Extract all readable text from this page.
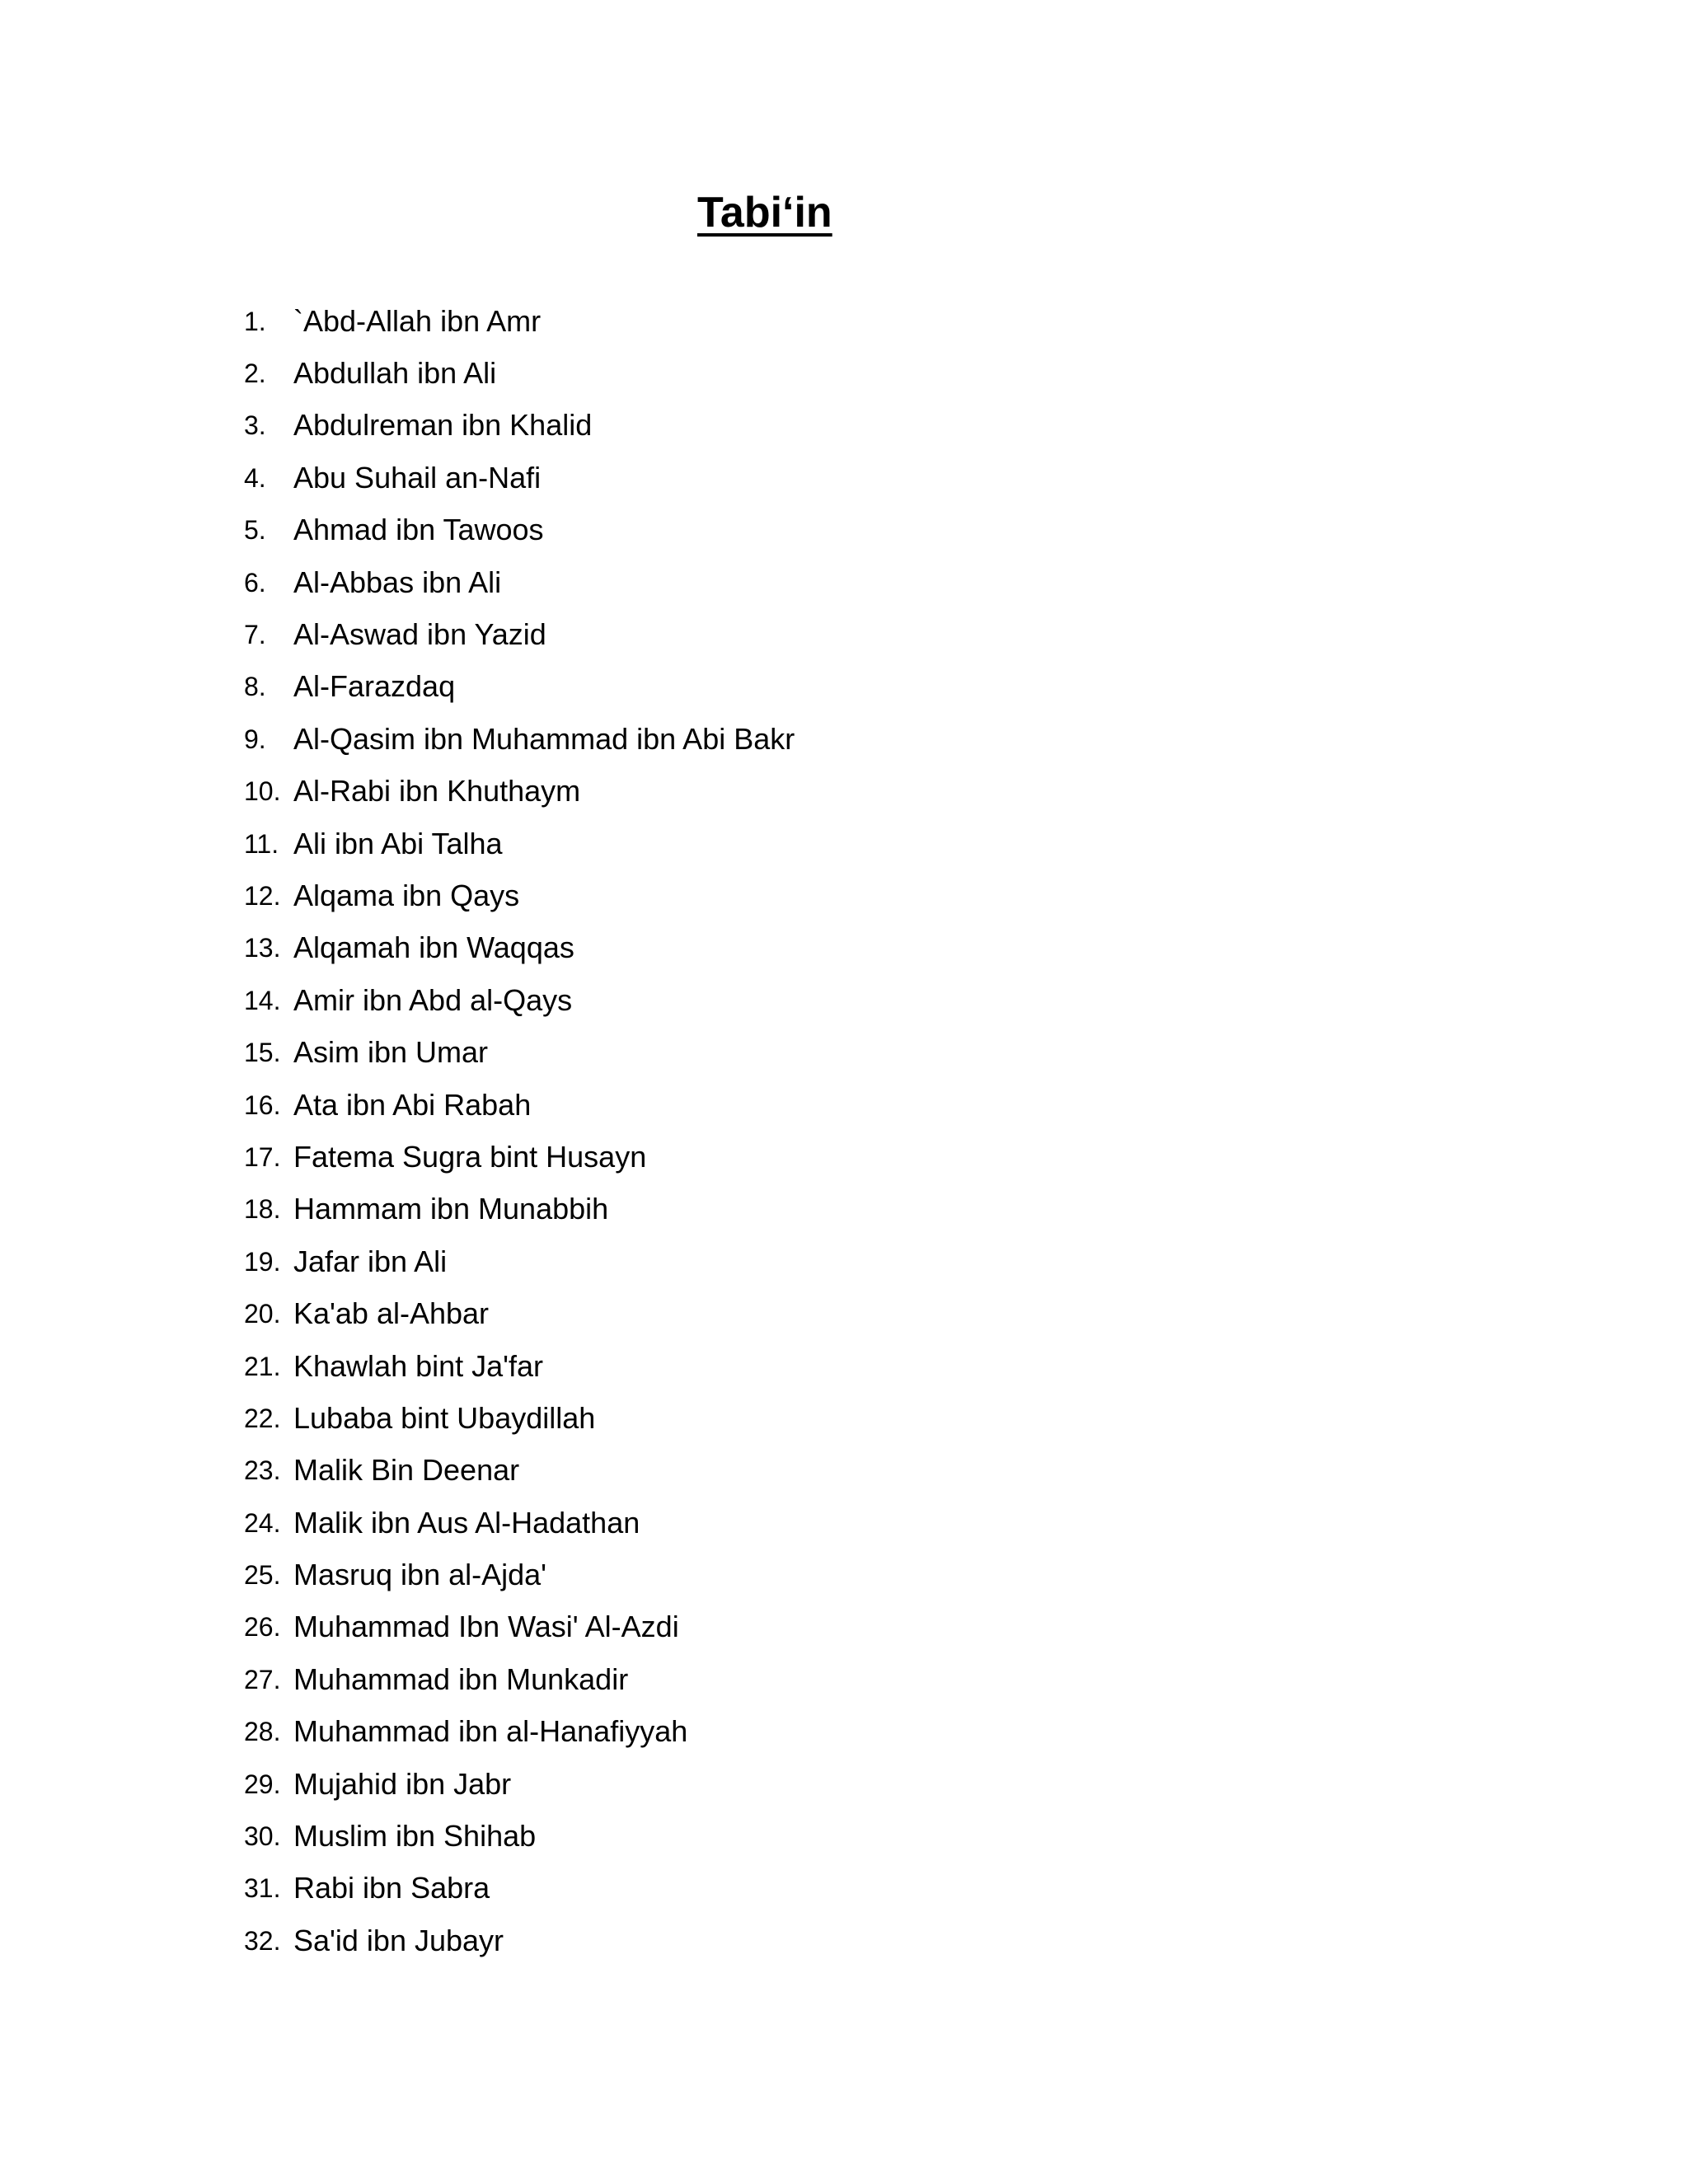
Tabi‘in
1. `Abd-Allah ibn Amr
2. Abdullah ibn Ali
3. Abdulreman ibn Khalid
4. Abu Suhail an-Nafi
5. Ahmad ibn Tawoos
6. Al-Abbas ibn Ali
7. Al-Aswad ibn Yazid
8. Al-Farazdaq
9. Al-Qasim ibn Muhammad ibn Abi Bakr
10. Al-Rabi ibn Khuthaym
11. Ali ibn Abi Talha
12. Alqama ibn Qays
13. Alqamah ibn Waqqas
14. Amir ibn Abd al-Qays
15. Asim ibn Umar
16. Ata ibn Abi Rabah
17. Fatema Sugra bint Husayn
18. Hammam ibn Munabbih
19. Jafar ibn Ali
20. Ka'ab al-Ahbar
21. Khawlah bint Ja'far
22. Lubaba bint Ubaydillah
23. Malik Bin Deenar
24. Malik ibn Aus Al-Hadathan
25. Masruq ibn al-Ajda'
26. Muhammad Ibn Wasi' Al-Azdi
27. Muhammad ibn Munkadir
28. Muhammad ibn al-Hanafiyyah
29. Mujahid ibn Jabr
30. Muslim ibn Shihab
31. Rabi ibn Sabra
32. Sa'id ibn Jubayr
